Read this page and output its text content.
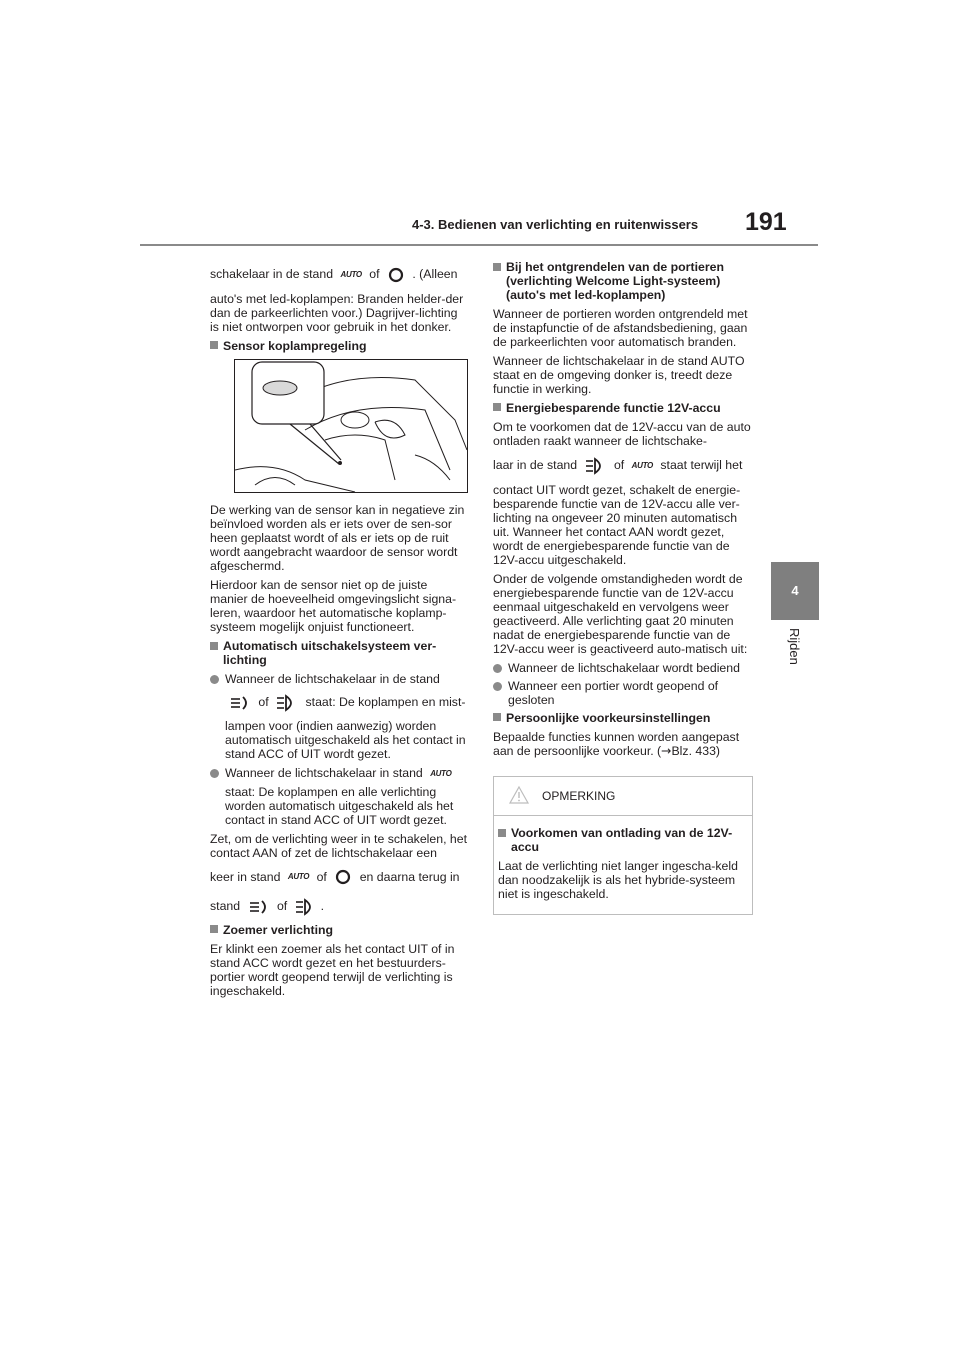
4-3. Bedienen van verlichting en ruitenwissers 191
4
Rijden

schakelaar in de stand AUTO of	. (Alleen

auto's met led-koplampen: Branden helder-der dan de parkeerlichten voor.) Dagrijver-lichting is niet ontworpen voor gebruik in het donker.

Sensor koplampregeling

De werking van de sensor kan in negatieve zin beïnvloed worden als er iets over de sen-sor heen geplaatst wordt of als er iets op de ruit wordt aangebracht waardoor de sensor wordt afgeschermd.

Hierdoor kan de sensor niet op de juiste manier de hoeveelheid omgevingslicht signa-leren, waardoor het automatische koplamp-systeem mogelijk onjuist functioneert.

Automatisch uitschakelsysteem ver-lichting
Wanneer de lichtschakelaar in de stand

of	staat: De koplampen en mist-

lampen voor (indien aanwezig) worden automatisch uitgeschakeld als het contact in stand ACC of UIT wordt gezet.

Wanneer de lichtschakelaar in stand AUTO

staat: De koplampen en alle verlichting worden automatisch uitgeschakeld als het contact in stand ACC of UIT wordt gezet.

Zet, om de verlichting weer in te schakelen, het contact AAN of zet de lichtschakelaar een

keer in stand AUTO of	en daarna terug in

stand	of	.

Zoemer verlichting

Er klinkt een zoemer als het contact UIT of in stand ACC wordt gezet en het bestuurders-portier wordt geopend terwijl de verlichting is ingeschakeld.

Bij het ontgrendelen van de portieren (verlichting Welcome Light-systeem) (auto's met led-koplampen)

Wanneer de portieren worden ontgrendeld met de instapfunctie of de afstandsbediening, gaan de parkeerlichten voor automatisch branden.

Wanneer de lichtschakelaar in de stand AUTO staat en de omgeving donker is, treedt deze functie in werking.

Energiebesparende functie 12V-accu

Om te voorkomen dat de 12V-accu van de auto ontladen raakt wanneer de lichtschake-

laar in de stand	of AUTO staat terwijl het

contact UIT wordt gezet, schakelt de energie-besparende functie van de 12V-accu alle ver-lichting na ongeveer 20 minuten automatisch uit. Wanneer het contact AAN wordt gezet, wordt de energiebesparende functie van de 12V-accu uitgeschakeld.

Onder de volgende omstandigheden wordt de energiebesparende functie van de 12V-accu eenmaal uitgeschakeld en vervolgens weer geactiveerd. Alle verlichting gaat 20 minuten nadat de energiebesparende functie van de 12V-accu weer is geactiveerd auto-matisch uit:

Wanneer de lichtschakelaar wordt bediend
Wanneer een portier wordt geopend of gesloten
Persoonlijke voorkeursinstellingen

Bepaalde functies kunnen worden aangepast aan de persoonlijke voorkeur. (→Blz. 433)

OPMERKING
Voorkomen van ontlading van de 12V-accu

Laat de verlichting niet langer ingescha-keld dan noodzakelijk is als het hybride-systeem niet is ingeschakeld.
